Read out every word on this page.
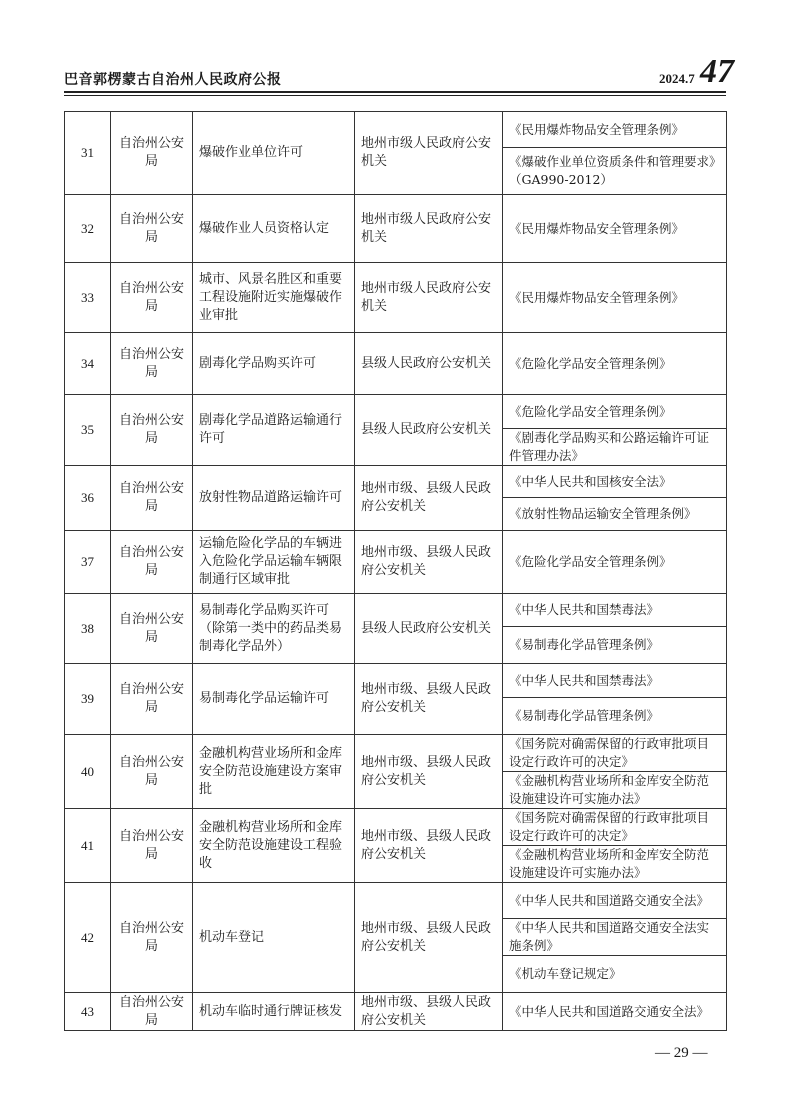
巴音郭楞蒙古自治州人民政府公报	2024.7 47
31	自治州公安局	爆破作业单位许可	地州市级人民政府公安机关	《民用爆炸物品安全管理条例》
				《爆破作业单位资质条件和管理要求》（GA990-2012）
32	自治州公安局	爆破作业人员资格认定	地州市级人民政府公安机关	《民用爆炸物品安全管理条例》
33	自治州公安局	城市、风景名胜区和重要工程设施附近实施爆破作业审批	地州市级人民政府公安机关	《民用爆炸物品安全管理条例》
34	自治州公安局	剧毒化学品购买许可	县级人民政府公安机关	《危险化学品安全管理条例》
35	自治州公安局	剧毒化学品道路运输通行许可	县级人民政府公安机关	《危险化学品安全管理条例》
				《剧毒化学品购买和公路运输许可证件管理办法》
36	自治州公安局	放射性物品道路运输许可	地州市级、县级人民政府公安机关	《中华人民共和国核安全法》
				《放射性物品运输安全管理条例》
37	自治州公安局	运输危险化学品的车辆进入危险化学品运输车辆限制通行区域审批	地州市级、县级人民政府公安机关	《危险化学品安全管理条例》
38	自治州公安局	易制毒化学品购买许可（除第一类中的药品类易制毒化学品外）	县级人民政府公安机关	《中华人民共和国禁毒法》
				《易制毒化学品管理条例》
39	自治州公安局	易制毒化学品运输许可	地州市级、县级人民政府公安机关	《中华人民共和国禁毒法》
				《易制毒化学品管理条例》
40	自治州公安局	金融机构营业场所和金库安全防范设施建设方案审批	地州市级、县级人民政府公安机关	《国务院对确需保留的行政审批项目设定行政许可的决定》
				《金融机构营业场所和金库安全防范设施建设许可实施办法》
41	自治州公安局	金融机构营业场所和金库安全防范设施建设工程验收	地州市级、县级人民政府公安机关	《国务院对确需保留的行政审批项目设定行政许可的决定》
				《金融机构营业场所和金库安全防范设施建设许可实施办法》
42	自治州公安局	机动车登记	地州市级、县级人民政府公安机关	《中华人民共和国道路交通安全法》
				《中华人民共和国道路交通安全法实施条例》
				《机动车登记规定》
43	自治州公安局	机动车临时通行牌证核发	地州市级、县级人民政府公安机关	《中华人民共和国道路交通安全法》
— 29 —
